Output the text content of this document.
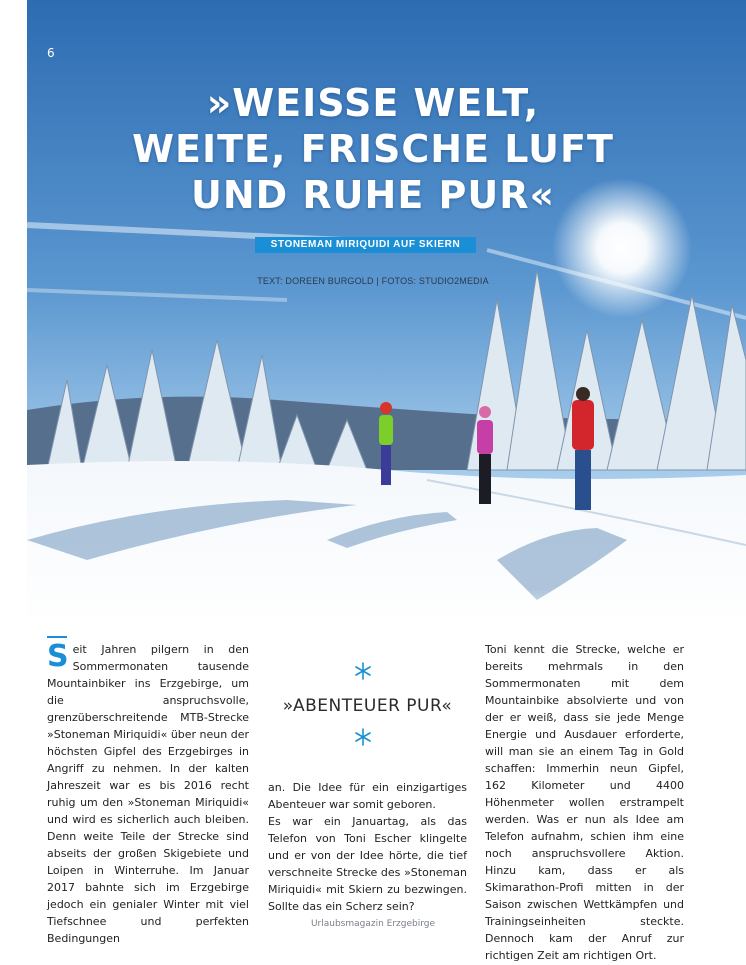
6
»WEISSE WELT,
WEITE, FRISCHE LUFT
UND RUHE PUR«
STONEMAN MIRIQUIDI AUF SKIERN
TEXT: DOREEN BURGOLD | FOTOS: STUDIO2MEDIA

Seit Jahren pilgern in den Sommermonaten tausende Mountainbiker ins Erzgebirge, um die anspruchsvolle, grenzüberschreitende MTB-Strecke »Stoneman Miriquidi« über neun der höchsten Gipfel des Erzgebirges in Angriff zu nehmen. In der kalten Jahreszeit war es bis 2016 recht ruhig um den »Stoneman Miriquidi« und wird es sicherlich auch bleiben. Denn weite Teile der Strecke sind abseits der großen Skigebiete und Loipen in Winterruhe. Im Januar 2017 bahnte sich im Erzgebirge jedoch ein genialer Winter mit viel Tiefschnee und perfekten Bedingungen

»ABENTEUER PUR«

an. Die Idee für ein einzigartiges Abenteuer war somit geboren.

Es war ein Januartag, als das Telefon von Toni Escher klingelte und er von der Idee hörte, die tief verschneite Strecke des »Stoneman Miriquidi« mit Skiern zu bezwingen. Sollte das ein Scherz sein?

Toni kennt die Strecke, welche er bereits mehrmals in den Sommermonaten mit dem Mountainbike absolvierte und von der er weiß, dass sie jede Menge Energie und Ausdauer erforderte, will man sie an einem Tag in Gold schaffen: Immerhin neun Gipfel, 162 Kilometer und 4400 Höhenmeter wollen erstrampelt werden. Was er nun als Idee am Telefon aufnahm, schien ihm eine noch anspruchsvollere Aktion. Hinzu kam, dass er als Skimarathon-Profi mitten in der Saison zwischen Wettkämpfen und Trainingseinheiten steckte. Dennoch kam der Anruf zur richtigen Zeit am richtigen Ort.

Urlaubsmagazin Erzgebirge
